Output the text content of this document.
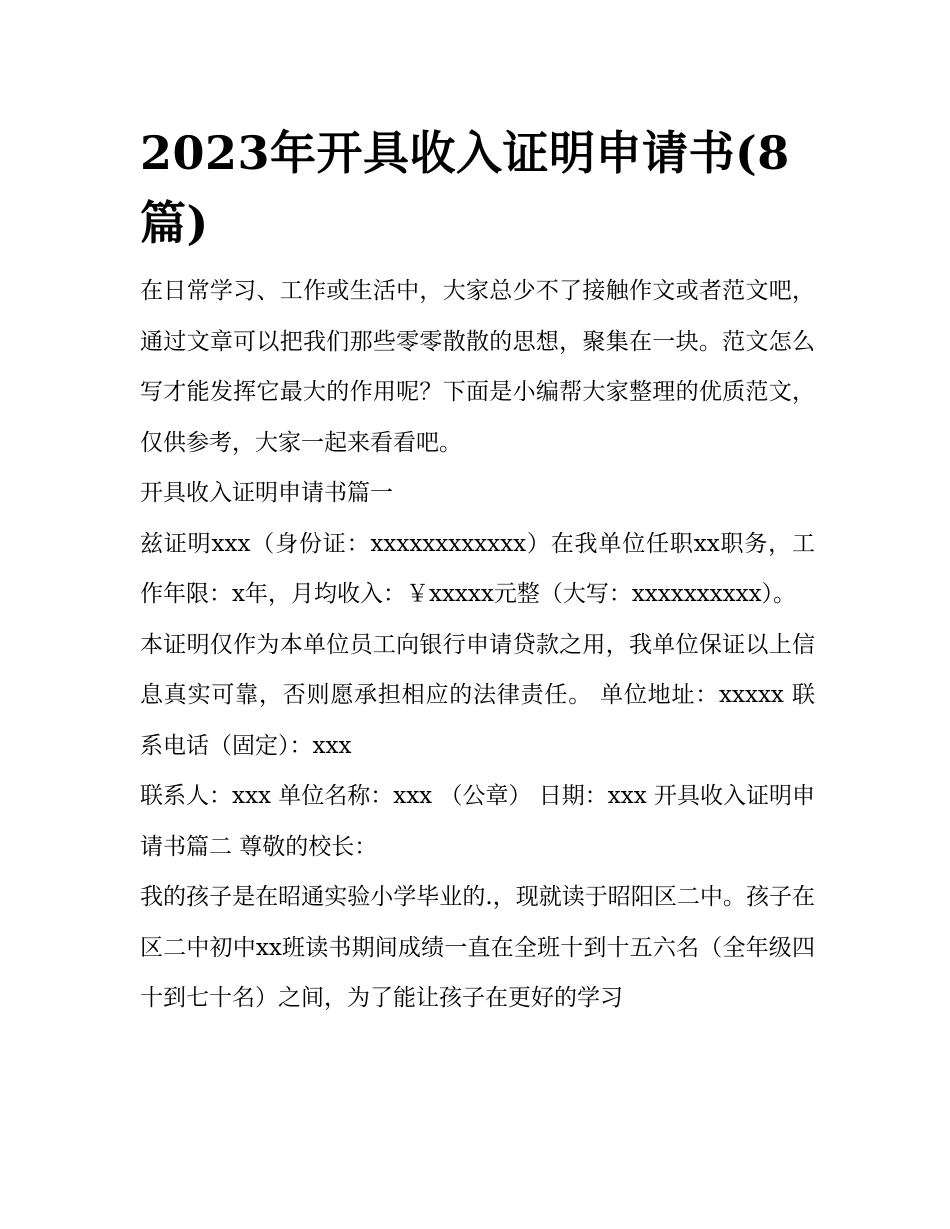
2023年开具收入证明申请书(8篇)

在日常学习、工作或生活中，大家总少不了接触作文或者范文吧，通过文章可以把我们那些零零散散的思想，聚集在一块。范文怎么写才能发挥它最大的作用呢？下面是小编帮大家整理的优质范文，仅供参考，大家一起来看看吧。

开具收入证明申请书篇一

兹证明xxx（身份证：xxxxxxxxxxxx）在我单位任职xx职务，工作年限：x年，月均收入：￥xxxxx元整（大写：xxxxxxxxxx）。

本证明仅作为本单位员工向银行申请贷款之用，我单位保证以上信息真实可靠，否则愿承担相应的法律责任。 单位地址：xxxxx 联系电话（固定）：xxx

联系人：xxx 单位名称：xxx （公章） 日期：xxx 开具收入证明申请书篇二 尊敬的校长：

我的孩子是在昭通实验小学毕业的.，现就读于昭阳区二中。孩子在区二中初中xx班读书期间成绩一直在全班十到十五六名（全年级四十到七十名）之间，为了能让孩子在更好的学习
